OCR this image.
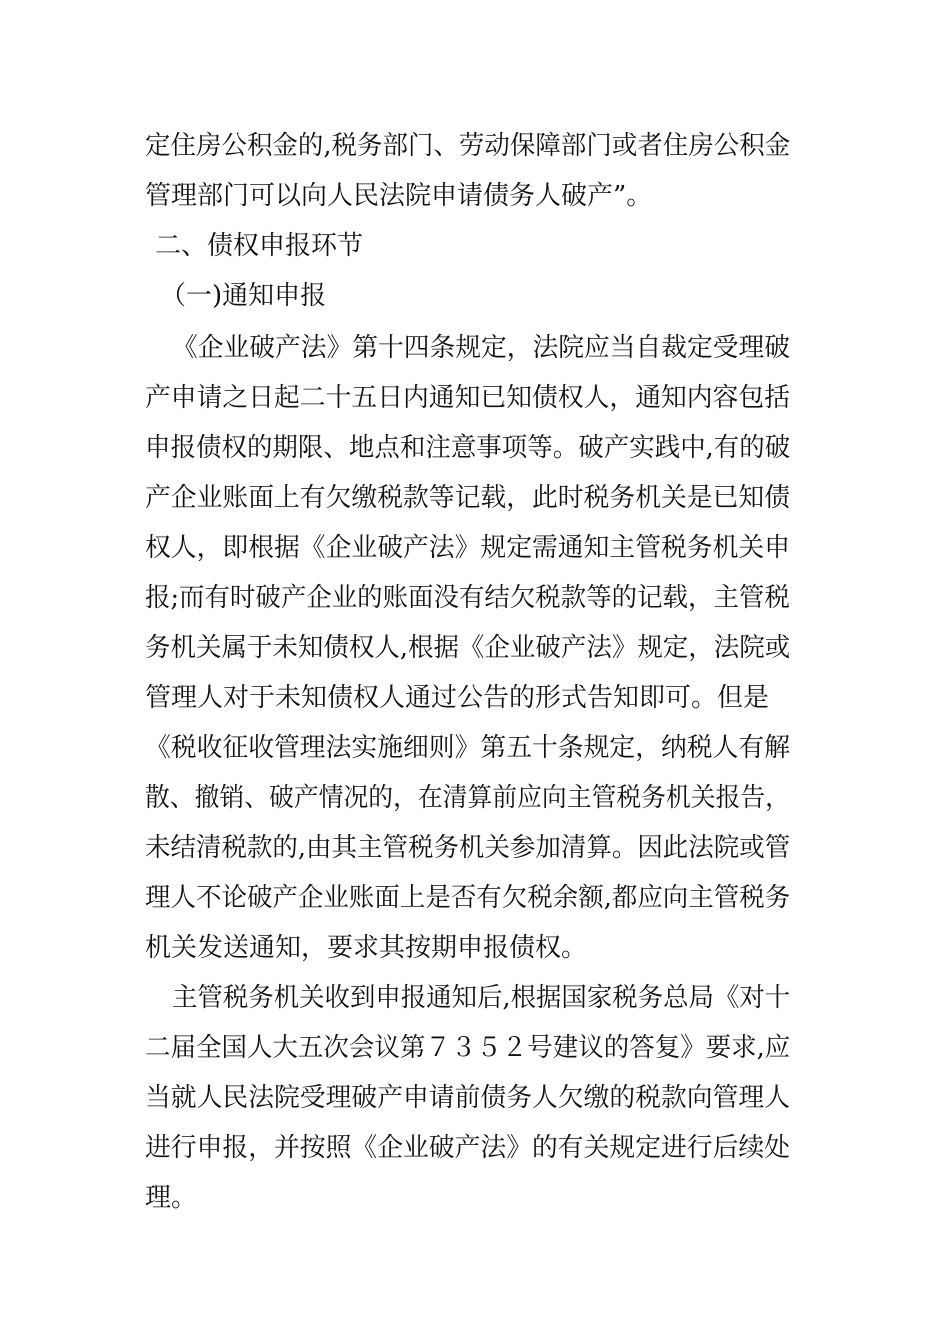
定住房公积金的,税务部门、劳动保障部门或者住房公积金

管理部门可以向人民法院申请债务人破产”。

二、债权申报环节

（一)通知申报

《企业破产法》第十四条规定，法院应当自裁定受理破

产申请之日起二十五日内通知已知债权人，通知内容包括

申报债权的期限、地点和注意事项等。破产实践中,有的破

产企业账面上有欠缴税款等记载，此时税务机关是已知债

权人，即根据《企业破产法》规定需通知主管税务机关申

报;而有时破产企业的账面没有结欠税款等的记载，主管税

务机关属于未知债权人,根据《企业破产法》规定，法院或

管理人对于未知债权人通过公告的形式告知即可。但是

《税收征收管理法实施细则》第五十条规定，纳税人有解

散、撤销、破产情况的，在清算前应向主管税务机关报告，

未结清税款的,由其主管税务机关参加清算。因此法院或管

理人不论破产企业账面上是否有欠税余额,都应向主管税务

机关发送通知，要求其按期申报债权。

主管税务机关收到申报通知后,根据国家税务总局《对十

二届全国人大五次会议第７３５２号建议的答复》要求,应

当就人民法院受理破产申请前债务人欠缴的税款向管理人

进行申报，并按照《企业破产法》的有关规定进行后续处

理。
